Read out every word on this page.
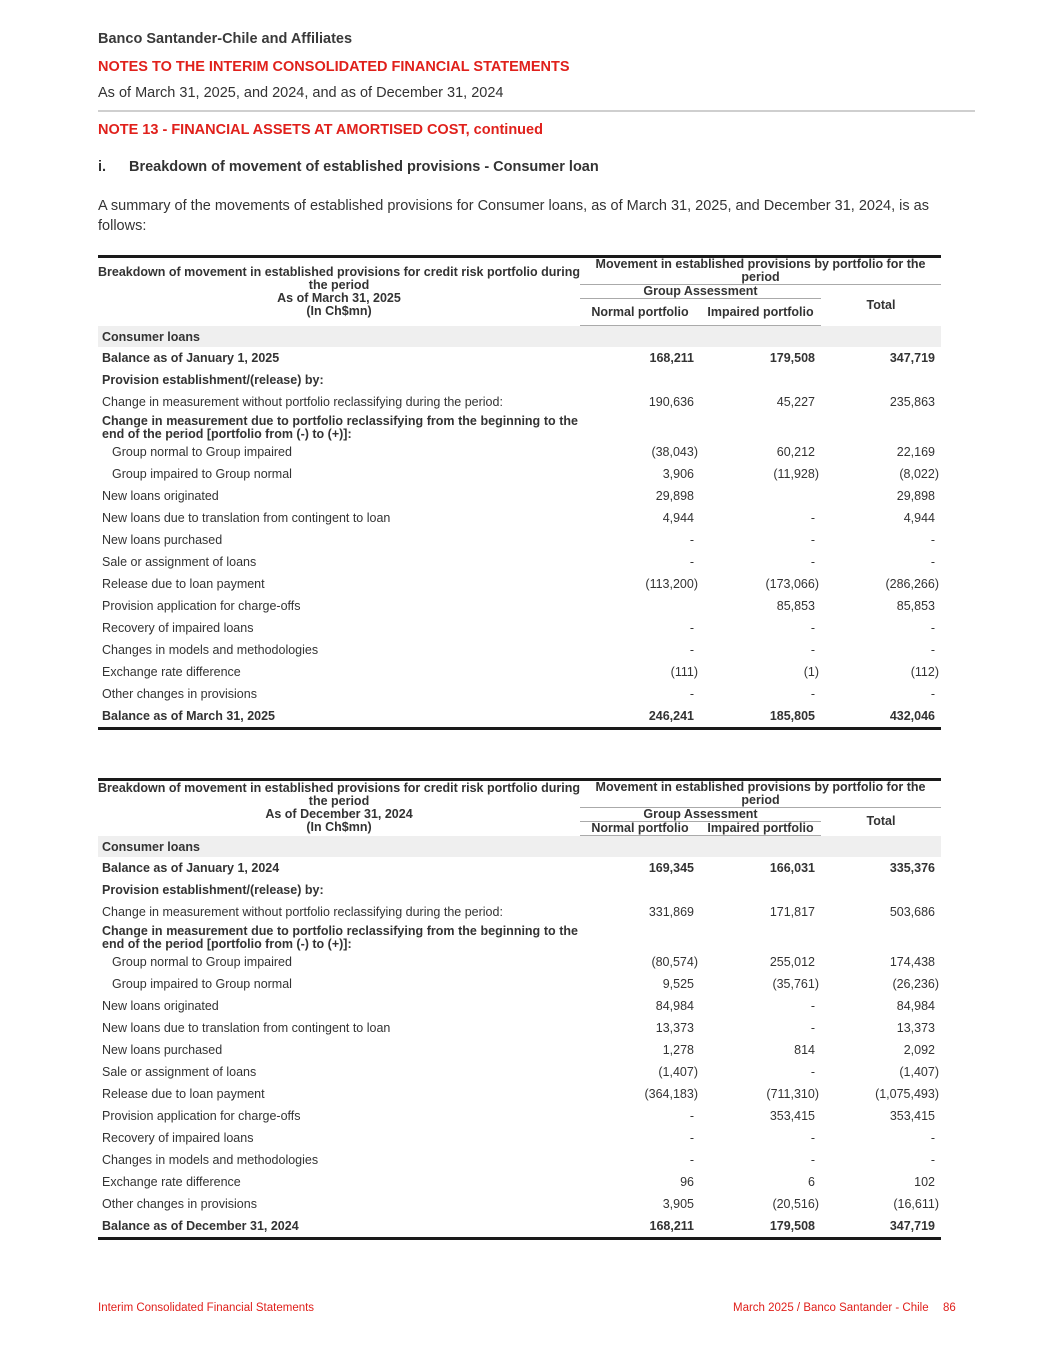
Banco Santander-Chile and Affiliates
NOTES TO THE INTERIM CONSOLIDATED FINANCIAL STATEMENTS
As of March 31, 2025, and 2024, and as of December 31, 2024
NOTE 13 - FINANCIAL ASSETS AT AMORTISED COST, continued
i. Breakdown of movement of established provisions - Consumer loan
A summary of the movements of established provisions for Consumer loans, as of March 31, 2025, and December 31, 2024, is as follows:
Breakdown of movement in established provisions for credit risk portfolio during the period
As of March 31, 2025
(In Ch$mn)	Movement in established provisions by portfolio for the period		
	Group Assessment		Total
	Normal portfolio	Impaired portfolio	
Consumer loans			
Balance as of January 1, 2025	168,211	179,508	347,719
Provision establishment/(release) by:			
Change in measurement without portfolio reclassifying during the period:	190,636	45,227	235,863
Change in measurement due to portfolio reclassifying from the beginning to the end of the period [portfolio from (-) to (+)]:			
Group normal to Group impaired	(38,043)	60,212	22,169
Group impaired to Group normal	3,906	(11,928)	(8,022)
New loans originated	29,898		29,898
New loans due to translation from contingent to loan	4,944	-	4,944
New loans purchased	-	-	-
Sale or assignment of loans	-	-	-
Release due to loan payment	(113,200)	(173,066)	(286,266)
Provision application for charge-offs		85,853	85,853
Recovery of impaired loans	-	-	-
Changes in models and methodologies	-	-	-
Exchange rate difference	(111)	(1)	(112)
Other changes in provisions	-	-	-
Balance as of March 31, 2025	246,241	185,805	432,046
Breakdown of movement in established provisions for credit risk portfolio during the period
As of December 31, 2024
(In Ch$mn)	Movement in established provisions by portfolio for the period		
	Group Assessment		Total
	Normal portfolio	Impaired portfolio	
Consumer loans			
Balance as of January 1, 2024	169,345	166,031	335,376
Provision establishment/(release) by:			
Change in measurement without portfolio reclassifying during the period:	331,869	171,817	503,686
Change in measurement due to portfolio reclassifying from the beginning to the end of the period [portfolio from (-) to (+)]:			
Group normal to Group impaired	(80,574)	255,012	174,438
Group impaired to Group normal	9,525	(35,761)	(26,236)
New loans originated	84,984	-	84,984
New loans due to translation from contingent to loan	13,373	-	13,373
New loans purchased	1,278	814	2,092
Sale or assignment of loans	(1,407)	-	(1,407)
Release due to loan payment	(364,183)	(711,310)	(1,075,493)
Provision application for charge-offs	-	353,415	353,415
Recovery of impaired loans	-	-	-
Changes in models and methodologies	-	-	-
Exchange rate difference	96	6	102
Other changes in provisions	3,905	(20,516)	(16,611)
Balance as of December 31, 2024	168,211	179,508	347,719
Interim Consolidated Financial Statements	March 2025 / Banco Santander - Chile 86
